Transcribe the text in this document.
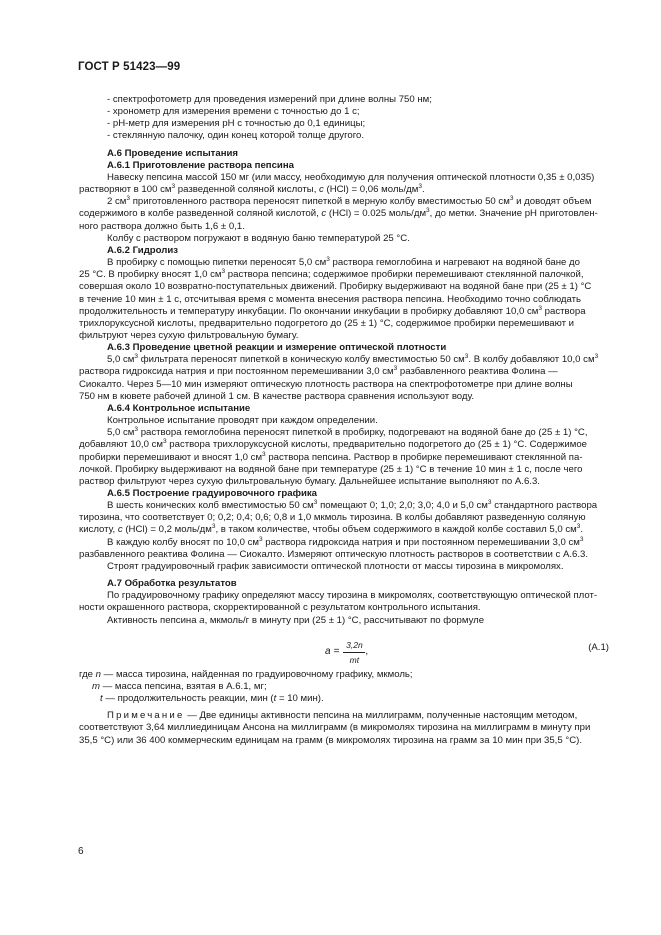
ГОСТ Р 51423—99
- спектрофотометр для проведения измерений при длине волны 750 нм;
- хронометр для измерения времени с точностью до 1 с;
- рН-метр для измерения рН с точностью до 0,1 единицы;
- стеклянную палочку, один конец которой толще другого.
А.6 Проведение испытания
А.6.1 Приготовление раствора пепсина
Навеску пепсина массой 150 мг (или массу, необходимую для получения оптической плотности 0,35 ± 0,035)
растворяют в 100 $см^3$ разведенной соляной кислоты, c (HCl) = 0,06 моль/$дм^3$.
2 $см^3$ приготовленного раствора переносят пипеткой в мерную колбу вместимостью 50 $см^3$ и доводят объем
содержимого в колбе разведенной соляной кислотой, c (HCl) = 0.025 моль/$дм^3$, до метки. Значение рН приготовлен-
ного раствора должно быть 1,6 ± 0,1.
Колбу с раствором погружают в водяную баню температурой 25 °С.
А.6.2 Гидролиз
В пробирку с помощью пипетки переносят 5,0 $см^3$ раствора гемоглобина и нагревают на водяной бане до
25 °С. В пробирку вносят 1,0 $см^3$ раствора пепсина; содержимое пробирки перемешивают стеклянной палочкой,
совершая около 10 возвратно-поступательных движений. Пробирку выдерживают на водяной бане при (25 ± 1) °С
в течение 10 мин ± 1 с, отсчитывая время с момента внесения раствора пепсина. Необходимо точно соблюдать
продолжительность и температуру инкубации. По окончании инкубации в пробирку добавляют 10,0 $см^3$ раствора
трихлоруксусной кислоты, предварительно подогретого до (25 ± 1) °С, содержимое пробирки перемешивают и
фильтруют через сухую фильтровальную бумагу.
А.6.3 Проведение цветной реакции и измерение оптической плотности
5,0 $см^3$ фильтрата переносят пипеткой в коническую колбу вместимостью 50 $см^3$. В колбу добавляют 10,0 $см^3$
раствора гидроксида натрия и при постоянном перемешивании 3,0 $см^3$ разбавленного реактива Фолина —
Сиокалто. Через 5—10 мин измеряют оптическую плотность раствора на спектрофотометре при длине волны
750 нм в кювете рабочей длиной 1 см. В качестве раствора сравнения используют воду.
А.6.4 Контрольное испытание
Контрольное испытание проводят при каждом определении.
5,0 $см^3$ раствора гемоглобина переносят пипеткой в пробирку, подогревают на водяной бане до (25 ± 1) °С,
добавляют 10,0 $см^3$ раствора трихлоруксусной кислоты, предварительно подогретого до (25 ± 1) °С. Содержимое
пробирки перемешивают и вносят 1,0 $см^3$ раствора пепсина. Раствор в пробирке перемешивают стеклянной па-
лочкой. Пробирку выдерживают на водяной бане при температуре (25 ± 1) °С в течение 10 мин ± 1 с, после чего
раствор фильтруют через сухую фильтровальную бумагу. Дальнейшее испытание выполняют по А.6.3.
А.6.5 Построение градуировочного графика
В шесть конических колб вместимостью 50 $см^3$ помещают 0; 1,0; 2,0; 3,0; 4,0 и 5,0 $см^3$ стандартного раствора
тирозина, что соответствует 0; 0,2; 0,4; 0,6; 0,8 и 1,0 мкмоль тирозина. В колбы добавляют разведенную соляную
кислоту, c (HCl) = 0,2 моль/$дм^3$, в таком количестве, чтобы объем содержимого в каждой колбе составил 5,0 $см^3$.
В каждую колбу вносят по 10,0 $см^3$ раствора гидроксида натрия и при постоянном перемешивании 3,0 $см^3$
разбавленного реактива Фолина — Сиокалто. Измеряют оптическую плотность растворов в соответствии с А.6.3.
Строят градуировочный график зависимости оптической плотности от массы тирозина в микромолях.
А.7 Обработка результатов
По градуировочному графику определяют массу тирозина в микромолях, соответствующую оптической плот-
ности окрашенного раствора, скорректированной с результатом контрольного испытания.
Активность пепсина a, мкмоль/г в минуту при (25 ± 1) °С, рассчитывают по формуле
$a = \frac{3,2n}{mt}$ ,	(А.1)
где n — масса тирозина, найденная по градуировочному графику, мкмоль;
m — масса пепсина, взятая в А.6.1, мг;
t — продолжительность реакции, мин (t = 10 мин).
Примечание — Две единицы активности пепсина на миллиграмм, полученные настоящим методом,
соответствуют 3,64 миллиединицам Ансона на миллиграмм (в микромолях тирозина на миллиграмм в минуту при
35,5 °С) или 36 400 коммерческим единицам на грамм (в микромолях тирозина на грамм за 10 мин при 35,5 °С).
6
